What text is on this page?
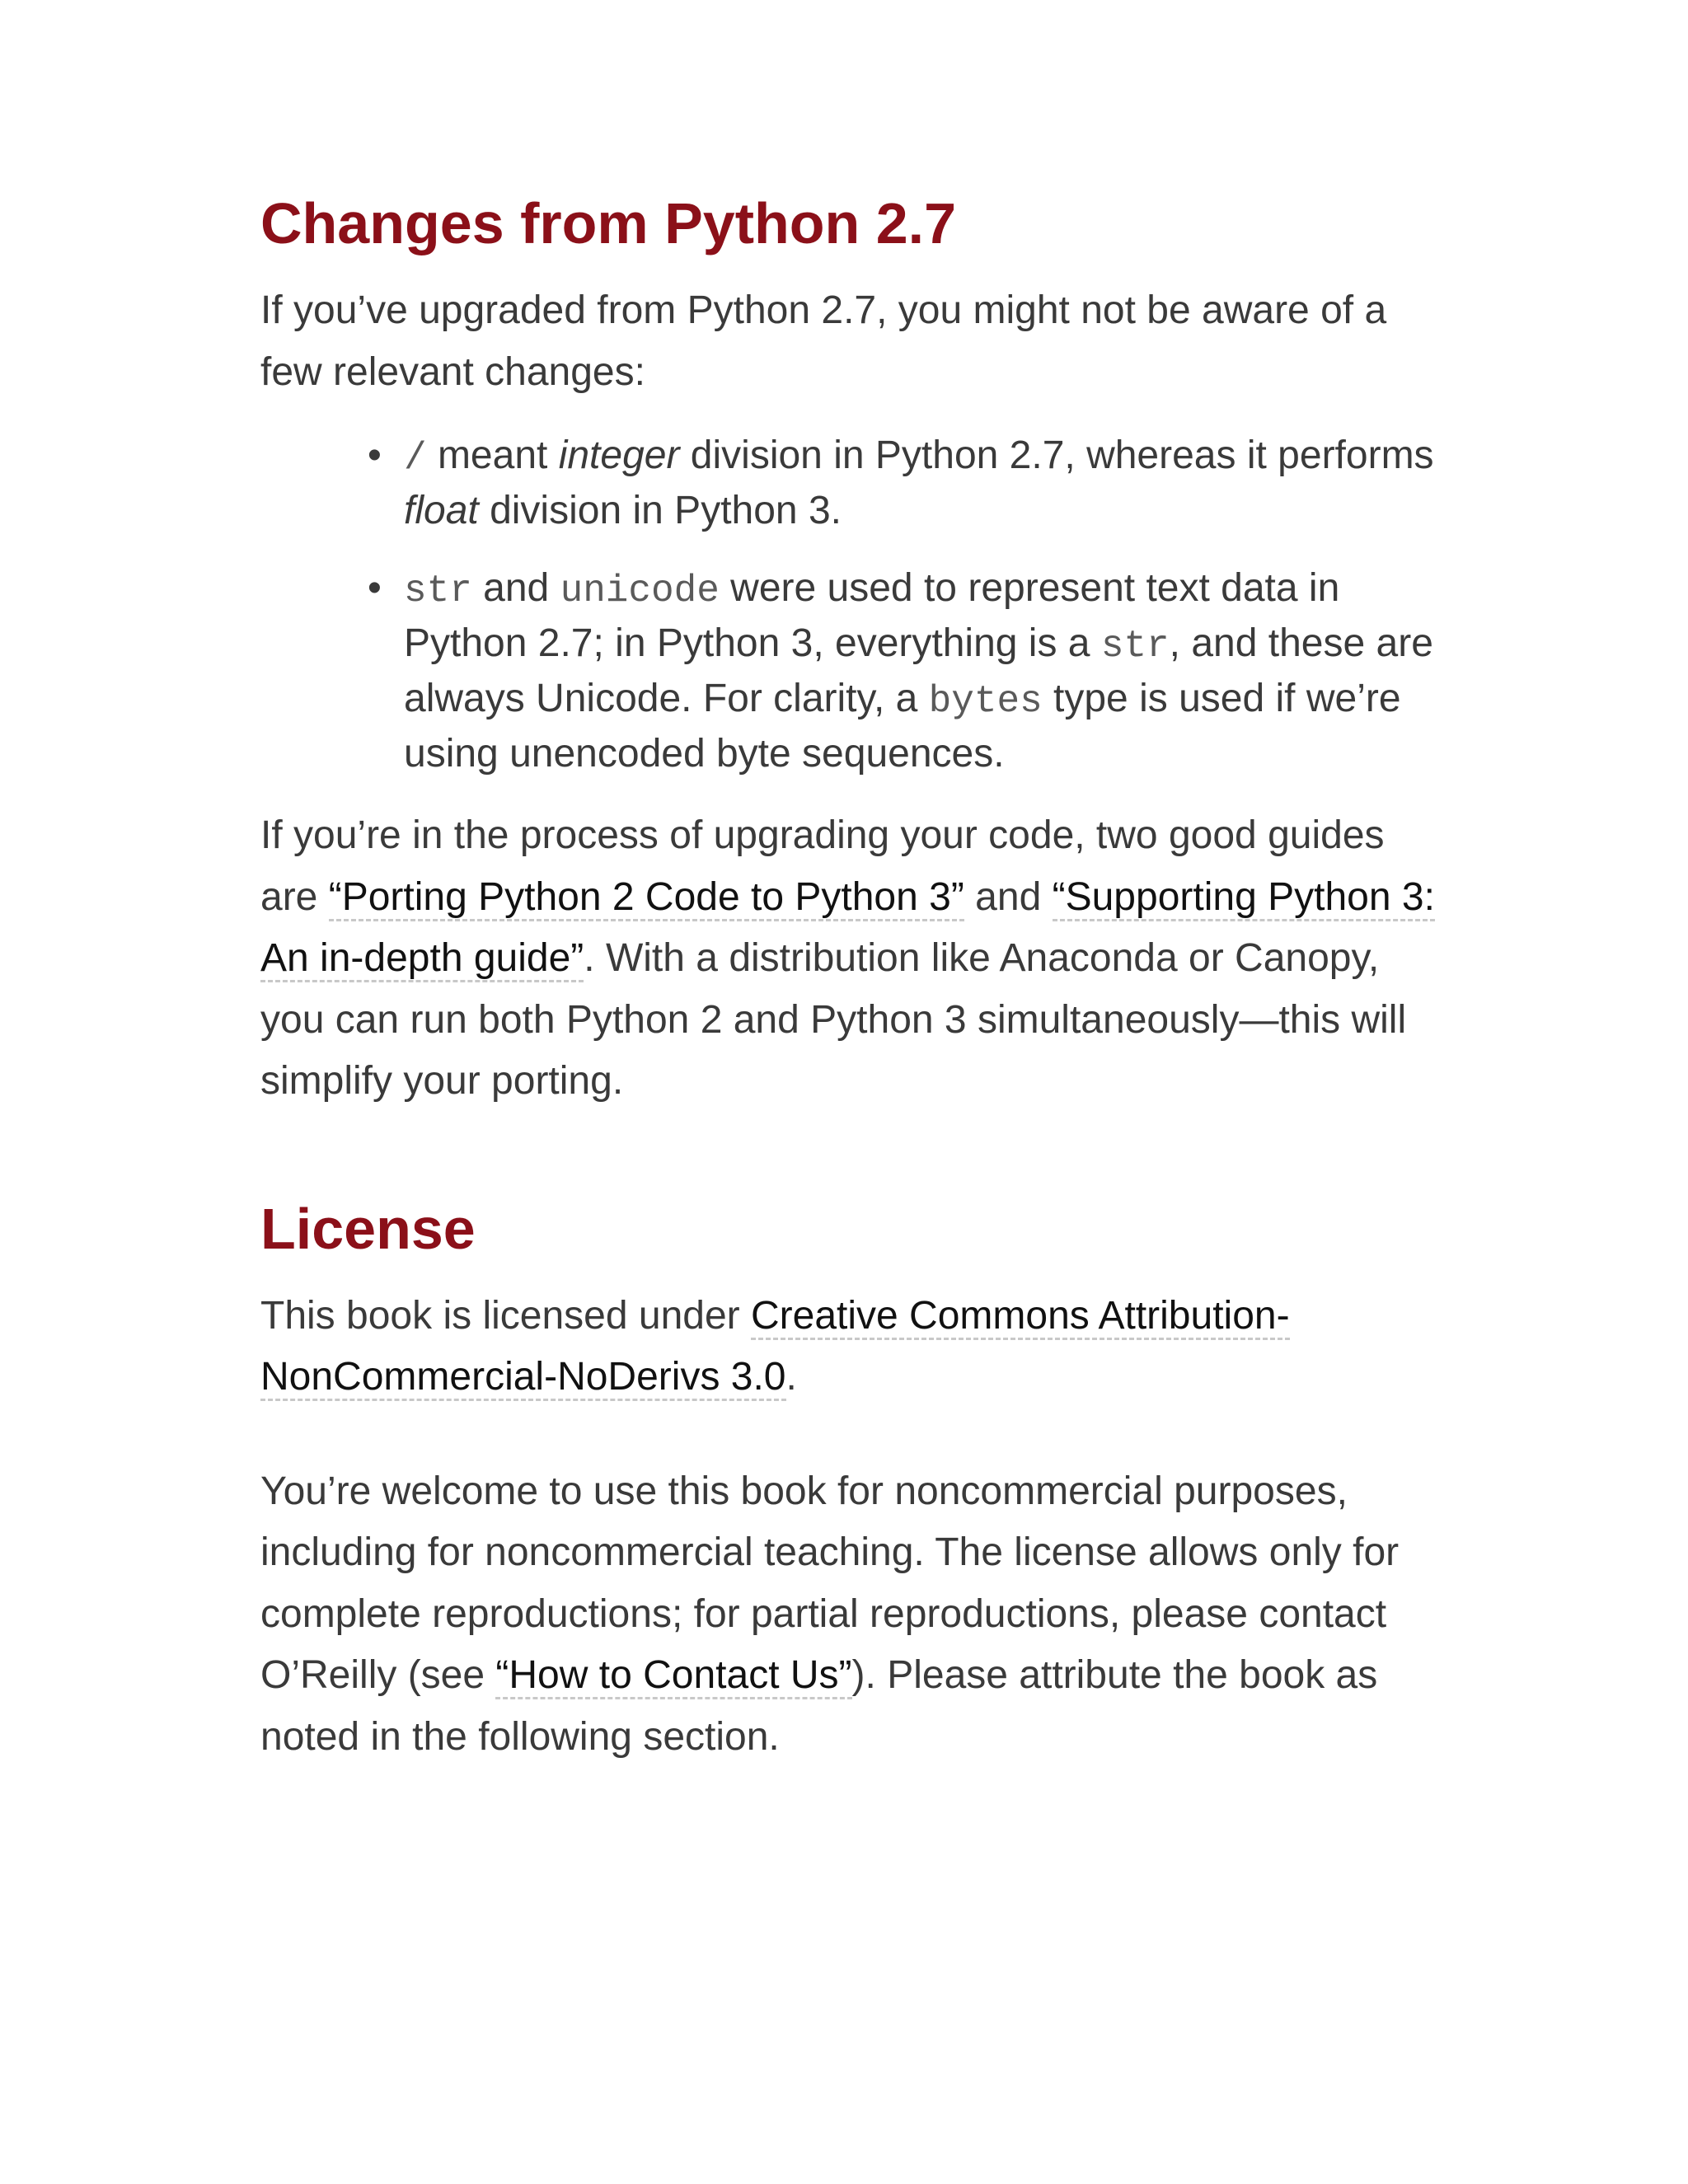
Changes from Python 2.7

If you’ve upgraded from Python 2.7, you might not be aware of a few relevant changes:

• / meant integer division in Python 2.7, whereas it performs float division in Python 3.
• str and unicode were used to represent text data in Python 2.7; in Python 3, everything is a str, and these are always Unicode. For clarity, a bytes type is used if we’re using unencoded byte sequences.

If you’re in the process of upgrading your code, two good guides are “Porting Python 2 Code to Python 3” and “Supporting Python 3: An in-depth guide”. With a distribution like Anaconda or Canopy, you can run both Python 2 and Python 3 simultaneously—this will simplify your porting.

License

This book is licensed under Creative Commons Attribution-NonCommercial-NoDerivs 3.0.

You’re welcome to use this book for noncommercial purposes, including for noncommercial teaching. The license allows only for complete reproductions; for partial reproductions, please contact O’Reilly (see “How to Contact Us”). Please attribute the book as noted in the following section.
